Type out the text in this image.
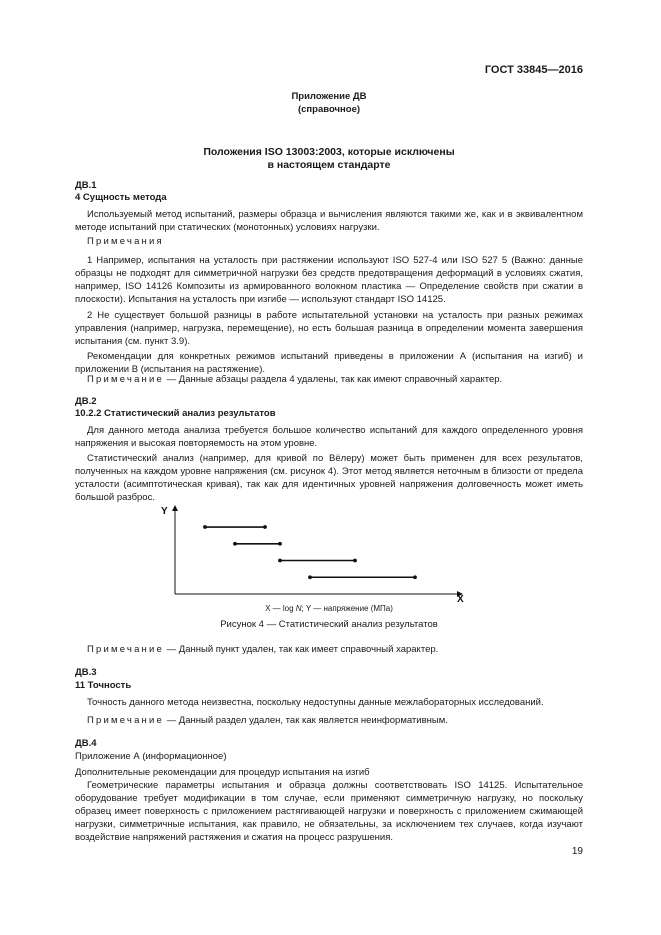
ГОСТ 33845—2016
Приложение ДВ
(справочное)
Положения ISO 13003:2003, которые исключены
в настоящем стандарте
ДВ.1
4 Сущность метода

Используемый метод испытаний, размеры образца и вычисления являются такими же, как и в эквивалентном методе испытаний при статических (монотонных) условиях нагрузки.

Примечания

1 Например, испытания на усталость при растяжении используют ISO 527-4 или ISO 527 5 (Важно: данные образцы не подходят для симметричной нагрузки без средств предотвращения деформаций в условиях сжатия, например, ISO 14126 Композиты из армированного волокном пластика — Определение свойств при сжатии в плоскости). Испытания на усталость при изгибе — используют стандарт ISO 14125.

2 Не существует большой разницы в работе испытательной установки на усталость при разных режимах управления (например, нагрузка, перемещение), но есть большая разница в определении момента завершения испытания (см. пункт 3.9).

Рекомендации для конкретных режимов испытаний приведены в приложении А (испытания на изгиб) и приложении В (испытания на растяжение).

Примечание — Данные абзацы раздела 4 удалены, так как имеют справочный характер.
ДВ.2
10.2.2 Статистический анализ результатов

Для данного метода анализа требуется большое количество испытаний для каждого определенного уровня напряжения и высокая повторяемость на этом уровне.

Статистический анализ (например, для кривой по Вёлеру) может быть применен для всех результатов, полученных на каждом уровне напряжения (см. рисунок 4). Этот метод является неточным в близости от предела усталости (асимптотическая кривая), так как для идентичных уровней напряжения долговечность может иметь большой разброс.

Y
X
X — log N; Y — напряжение (МПа)
Рисунок 4 — Статистический анализ результатов
Примечание — Данный пункт удален, так как имеет справочный характер.
ДВ.3
11 Точность

Точность данного метода неизвестна, поскольку недоступны данные межлабораторных исследований.

Примечание — Данный раздел удален, так как является неинформативным.
ДВ.4
Приложение А (информационное)
Дополнительные рекомендации для процедур испытания на изгиб

Геометрические параметры испытания и образца должны соответствовать ISO 14125. Испытательное оборудование требует модификации в том случае, если применяют симметричную нагрузку, но поскольку образец имеет поверхность с приложением растягивающей нагрузки и поверхность с приложением сжимающей нагрузки, симметричные испытания, как правило, не обязательны, за исключением тех случаев, когда изучают воздействие напряжений растяжения и сжатия на процесс разрушения.

19
